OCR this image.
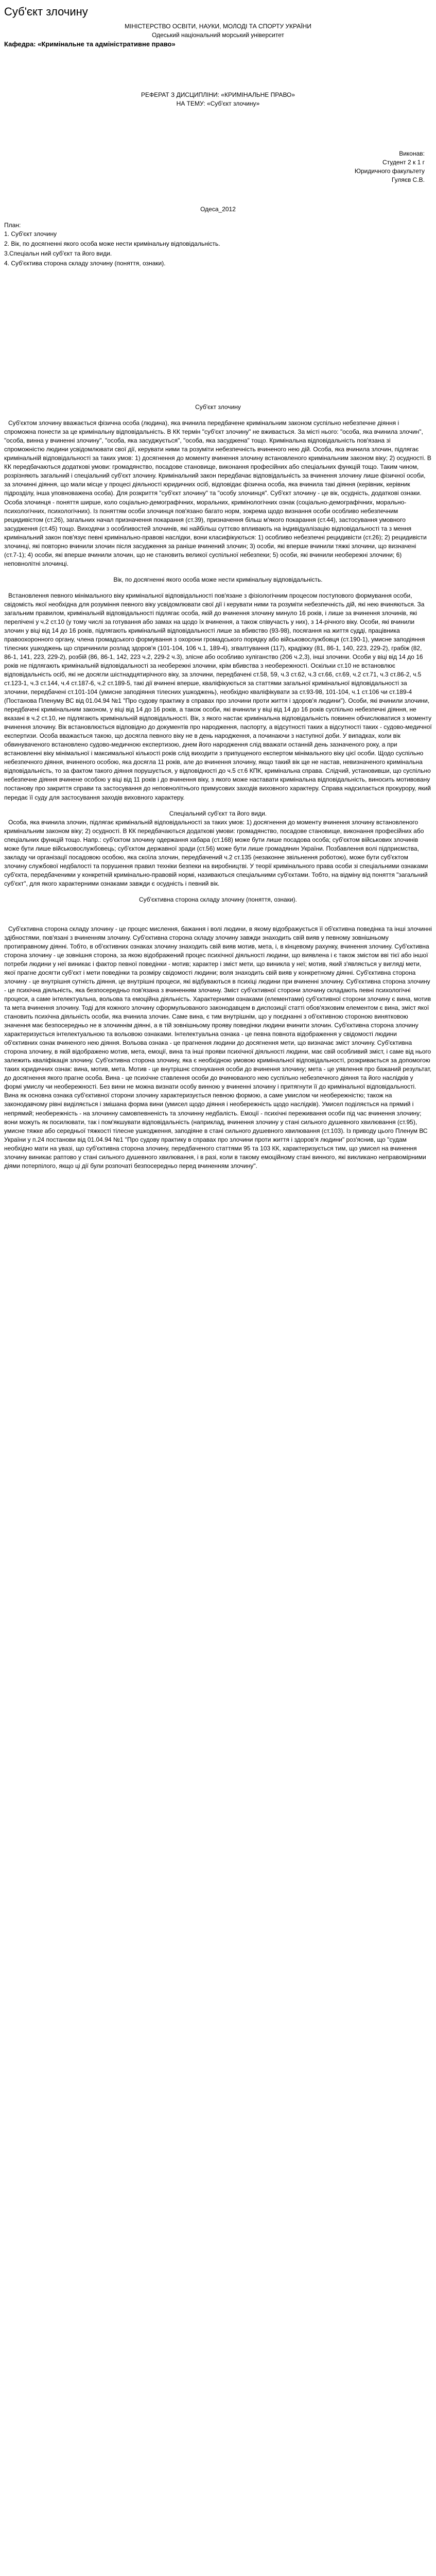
Суб'єкт злочину

МІНІСТЕРСТВО ОСВІТИ, НАУКИ, МОЛОДІ ТА СПОРТУ УКРАЇНИ

Одеський національний морський університет

Кафедра: «Кримінальне та адміністративне право»

РЕФЕРАТ З ДИСЦИПЛІНИ: «КРИМІНАЛЬНЕ ПРАВО»

НА ТЕМУ: «Суб'єкт злочину»

Виконав:

Студент 2 к 1 г

Юридичного факультету

Гуляєв С.В.

Одеса_2012

План:

1. Суб'єкт злочину

2. Вік, по досягненні якого особа може нести кримінальну відповідальність.

3.Спеціальн ний суб'єкт та його види.

4. Суб'єктива сторона складу злочину (поняття, ознаки).

Суб'єкт злочину

Суб'єктом злочину вважається фізична особа (людина), яка вчинила передбачене кримінальним законом суспільно небезпечне діяння і спроможна понести за це кримінальну відповідальність. В КК термін "суб'єкт злочину" не вживається. За місті нього: "особа, яка вчинила злочин", "особа, винна у вчиненні злочину", "особа, яка засуджується", "особа, яка засуджена" тощо. Кримінальна відповідальність пов'язана зі спроможністю людини усвідомлювати свої дії, керувати ними та розуміти небезпечність вчиненого нею дій. Особа, яка вчинила злочин, підлягає кримінальній відповідальності за таких умов: 1) досягнення до моменту вчинення злочину встановленого кримінальним законом віку; 2) осудності. В КК передбачаються додаткові умови: громадянство, посадове становище, виконання професійних або спеціальних функцій тощо. Таким чином, розрізняють загальний і спеціальний суб'єкт злочину. Кримінальний закон передбачає відповідальність за вчинення злочину лише фізичної особи, за злочинні діяння, що мали місце у процесі діяльності юридичних осіб, відповідає фізична особа, яка вчинила такі діяння (керівник, керівник підрозділу, інша уповноважена особа). Для розкриття "суб'єкт злочину" та "особу злочинця". Суб'єкт злочину - це вік, осудність, додаткові ознаки. Особа злочинця - поняття ширше, коло соціально-демографічних, моральних, кримінологічних ознак (соціально-демографічних, морально-психологічних, психологічних). Із поняттям особи злочинця пов'язано багато норм, зокрема щодо визнання особи особливо небезпечним рецидивістом (ст.26), загальних начал призначення покарання (ст.39), призначення більш м'якого покарання (ст.44), застосування умовного засудження (ст.45) тощо. Виходячи з особливостей злочинів, які найбільш суттєво впливають на індивідуалізацію відповідальності та з мення кримінальний закон пов'язує певні кримінально-правові наслідки, вони класифікуються: 1) особливо небезпечні рецидивісти (ст.26); 2) рецидивісти злочинці, які повторно вчинили злочин після засудження за раніше вчинений злочин; 3) особи, які вперше вчинили тяжкі злочини, що визначені (ст.7-1); 4) особи, які вперше вчинили злочин, що не становить великої суспільної небезпеки; 5) особи, які вчинили необережні злочини; 6) неповнолітні злочинці.

Вік, по досягненні якого особа може нести кримінальну відповідальність.

Встановлення певного мінімального віку кримінальної відповідальності пов'язане з фізіологічним процесом поступового формування особи, свідомість якої необхідна для розуміння певного віку усвідомлювати свої дії і керувати ними та розуміти небезпечність дій, які нею вчиняються. За загальним правилом, кримінальній відповідальності підлягає особа, якій до вчинення злочину минуло 16 років, і лише за вчинення злочинів, які перелічені у ч.2 ст.10 (у тому числі за готування або замах на щодо їх вчинення, а також співучасть у них), з 14-річного віку. Особи, які вчинили злочин у віці від 14 до 16 років, підлягають кримінальній відповідальності лише за вбивство (93-98), посягання на життя судді, працівника правоохоронного органу, члена громадського формування з охорони громадського порядку або військовослужбовця (ст.190-1), умисне заподіяння тілесних ушкоджень що спричинили розлад здоров'я (101-104, 106 ч.1, 189-4), згвалтування (117), крадіжку (81, 86-1, 140, 223, 229-2), грабіж (82, 86-1, 141, 223, 229-2), розбій (86, 86-1, 142, 223 ч.2, 229-2 ч.3), злісне або особливо хуліганство (206 ч.2,3), інші злочини. Особи у віці від 14 до 16 років не підлягають кримінальній відповідальності за необережні злочини, крім вбивства з необережності. Оскільки ст.10 не встановлює відповідальність осіб, які не досягли шістнадцятирічного віку, за злочини, передбачені ст.58, 59, ч.3 ст.62, ч.3 ст.66, ст.69, ч.2 ст.71, ч.3 ст.86-2, ч.5 ст.123-1, ч.3 ст.144, ч.4 ст.187-6, ч.2 ст.189-5, такі дії вчинені вперше, кваліфікуються за статтями загальної кримінальної відповідальності за злочини, передбачені ст.101-104 (умисне заподіяння тілесних ушкоджень), необхідно кваліфікувати за ст.93-98, 101-104, ч.1 ст.106 чи ст.189-4 (Постанова Пленуму ВС від 01.04.94 №1 "Про судову практику в справах про злочини проти життя і здоров'я людини"). Особи, які вчинили злочини, передбачені кримінальним законом, у віці від 14 до 16 років, а також особи, які вчинили у віці від 14 до 16 років суспільно небезпечні діяння, не вказані в ч.2 ст.10, не підлягають кримінальній відповідальності. Вік, з якого настає кримінальна відповідальність повинен обчислюватися з моменту вчинення злочину. Вік встановлюється відповідно до документів про народження, паспорту, а відсутності таких а відсутності таких - судово-медичної експертизи. Особа вважається такою, що досягла певного віку не в день народження, а починаючи з наступної доби. У випадках, коли вік обвинуваченого встановлено судово-медичною експертизою, днем його народження слід вважати останній день зазначеного року, а при встановленні віку мінімальної і максимальної кількості років слід виходити з припущеного експертом мінімального віку цієї особи. Щодо суспільно небезпечного діяння, вчиненого особою, яка досягла 11 років, але до вчинення злочину, якщо такий вік ще не настав, невизначеного кримінальна відповідальність, то за фактом такого діяння порушується, у відповідності до ч.5 ст.6 КПК, кримінальна справа. Слідчий, установивши, що суспільно небезпечне діяння вчинене особою у віці від 11 років і до вчинення віку, з якого може наставати кримінальна відповідальність, виносить мотивовану постанову про закриття справи та застосування до неповнолітнього примусових заходів виховного характеру. Справа надсилається прокурору, який передає її суду для застосування заходів виховного характеру.

Спеціальний суб'єкт та його види.

Особа, яка вчинила злочин, підлягає кримінальній відповідальності за таких умов: 1) досягнення до моменту вчинення злочину встановленого кримінальним законом віку; 2) осудності. В КК передбачаються додаткові умови: громадянство, посадове становище, виконання професійних або спеціальних функцій тощо. Напр.: суб'єктом злочину одержання хабара (ст.168) може бути лише посадова особа; суб'єктом військових злочинів може бути лише військовослужбовець; суб'єктом державної зради (ст.56) може бути лише громадянин України. Позбавлення волі підприємства, закладу чи організації посадовою особою, яка скоїла злочин, передбачений ч.2 ст.135 (незаконне звільнення роботою), може бути суб'єктом злочину службової недбалості та порушення правил техніки безпеки на виробництві. У теорії кримінального права особи зі спеціальними ознаками суб'єкта, передбаченими у конкретній кримінально-правовій нормі, називаються спеціальними суб'єктами. Тобто, на відміну від поняття "загальний суб'єкт", для якого характерними ознаками завжди є осудність і певний вік.

Суб'єктивна сторона складу злочину (поняття, ознаки).

Суб'єктивна сторона складу злочину - це процес мислення, бажання і волі людини, в якому відображується її об'єктивна поведінка та інші злочинні здібностями, пов'язані з вчиненням злочину. Суб'єктивна сторона складу злочину завжди знаходить свій вияв у певному зовнішньому протиправному діянні. Тобто, в об'єктивних ознаках злочину знаходить свій вияв мотив, мета, і, в кінцевому рахунку, вчинення злочину. Суб'єктивна сторона злочину - це зовнішня сторона, за якою відображений процес психічної діяльності людини, що виявлена і є також змістом вві тієї або іншої потреби людини у неї виникає і фактор певної поведінки - мотив; характер і зміст мети, що виникла у неї; мотив, який з'являється у вигляді мети, якої прагне досягти суб'єкт і мети поведінки та розміру свідомості людини; воля знаходить свій вияв у конкретному діянні. Суб'єктивна сторона злочину - це внутрішня сутність діяння, це внутрішні процеси, які відбуваються в психіці людини при вчиненні злочину. Суб'єктивна сторона злочину - це психічна діяльність, яка безпосередньо пов'язана з вчиненням злочину. Зміст суб'єктивної сторони злочину складають певні психологічні процеси, а саме інтелектуальна, вольова та емоційна діяльність. Характерними ознаками (елементами) суб'єктивної сторони злочину є вина, мотив та мета вчинення злочину. Тоді для кожного злочину сформульованого законодавцем в диспозиції статті обов'язковим елементом є вина, зміст якої становить психічна діяльність особи, яка вчинила злочин. Саме вина, є тим внутрішнім, що у поєднанні з об'єктивною стороною винятковою значення має безпосередньо не в злочиннім діянні, а в тій зовнішньому прояву поведінки людини вчинити злочин. Суб'єктивна сторона злочину характеризується інтелектуальною та вольовою ознаками. Інтелектуальна ознака - це певна повнота відображення у свідомості людини об'єктивних ознак вчиненого нею діяння. Вольова ознака - це прагнення людини до досягнення мети, що визначає зміст злочину. Суб'єктивна сторона злочину, в якій відображено мотив, мета, емоції, вина та інші прояви психічної діяльності людини, має свій особливий зміст, і саме від нього залежить кваліфікація злочину. Суб'єктивна сторона злочину, яка є необхідною умовою кримінальної відповідальності, розкривається за допомогою таких юридичних ознак: вина, мотив, мета. Мотив - це внутрішнє спонукання особи до вчинення злочину; мета - це уявлення про бажаний результат, до досягнення якого прагне особа. Вина - це психічне ставлення особи до вчинюваного нею суспільно небезпечного діяння та його наслідків у формі умислу чи необережності. Без вини не можна визнати особу винною у вчиненні злочину і притягнути її до кримінальної відповідальності. Вина як основна ознака суб'єктивної сторони злочину характеризується певною формою, а саме умислом чи необережністю; також на законодавчому рівні виділяється і змішана форма вини (умисел щодо діяння і необережність щодо наслідків). Умисел поділяється на прямий і непрямий; необережність - на злочинну самовпевненість та злочинну недбалість. Емоції - психічні переживання особи під час вчинення злочину; вони можуть як посилювати, так і пом'якшувати відповідальність (наприклад, вчинення злочину у стані сильного душевного хвилювання (ст.95), умисне тяжке або середньої тяжкості тілесне ушкодження, заподіяне в стані сильного душевного хвилювання (ст.103). Із приводу цього Пленум ВС України у п.24 постанови від 01.04.94 №1 "Про судову практику в справах про злочини проти життя і здоров'я людини" роз'яснив, що "судам необхідно мати на увазі, що суб'єктивна сторона злочину, передбаченого статтями 95 та 103 КК, характеризується тим, що умисел на вчинення злочину виникає раптово у стані сильного душевного хвилювання, і в разі, коли в такому емоційному стані винного, які викликано неправомірними діями потерпілого, якщо ці дії були розпочаті безпосередньо перед вчиненням злочину".
